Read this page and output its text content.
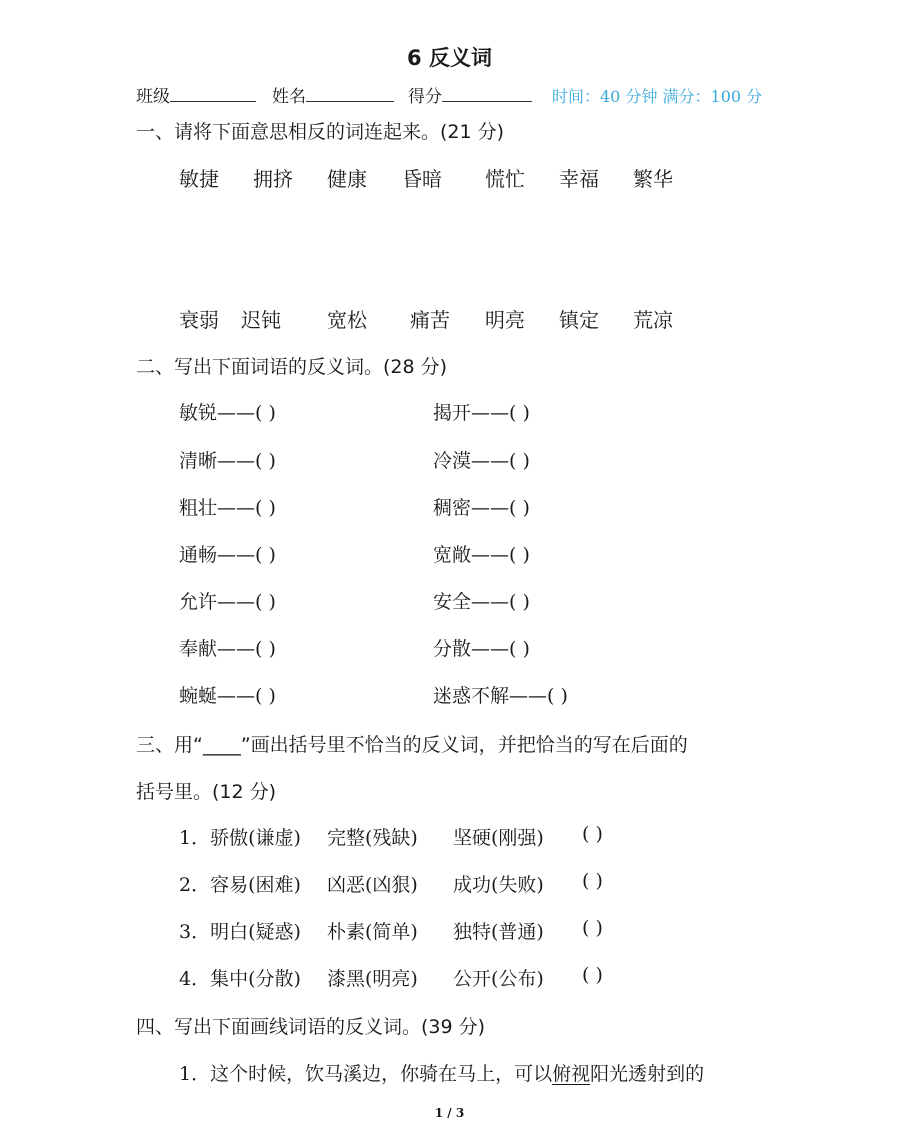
6 反义词
班级	姓名	得分	时间：40 分钟 满分：100 分
一、请将下面意思相反的词连起来。(21 分)
敏捷 拥挤 健康 昏暗 慌忙 幸福 繁华
衰弱 迟钝 宽松 痛苦 明亮 镇定 荒凉
二、写出下面词语的反义词。(28 分)
敏锐——( )	揭开——( )
清晰——( )	冷漠——( )
粗壮——( )	稠密——( )
通畅——( )	宽敞——( )
允许——( )	安全——( )
奉献——( )	分散——( )
蜿蜒——( )	迷惑不解——( )
三、用“____”画出括号里不恰当的反义词，并把恰当的写在后面的
括号里。(12 分)
1．骄傲(谦虚) 完整(残缺) 坚硬(刚强) ( )
2．容易(困难) 凶恶(凶狠) 成功(失败) ( )
3．明白(疑惑) 朴素(简单) 独特(普通) ( )
4．集中(分散) 漆黑(明亮) 公开(公布) ( )
四、写出下面画线词语的反义词。(39 分)
1．这个时候，饮马溪边，你骑在马上，可以俯视阳光透射到的
1 / 3
